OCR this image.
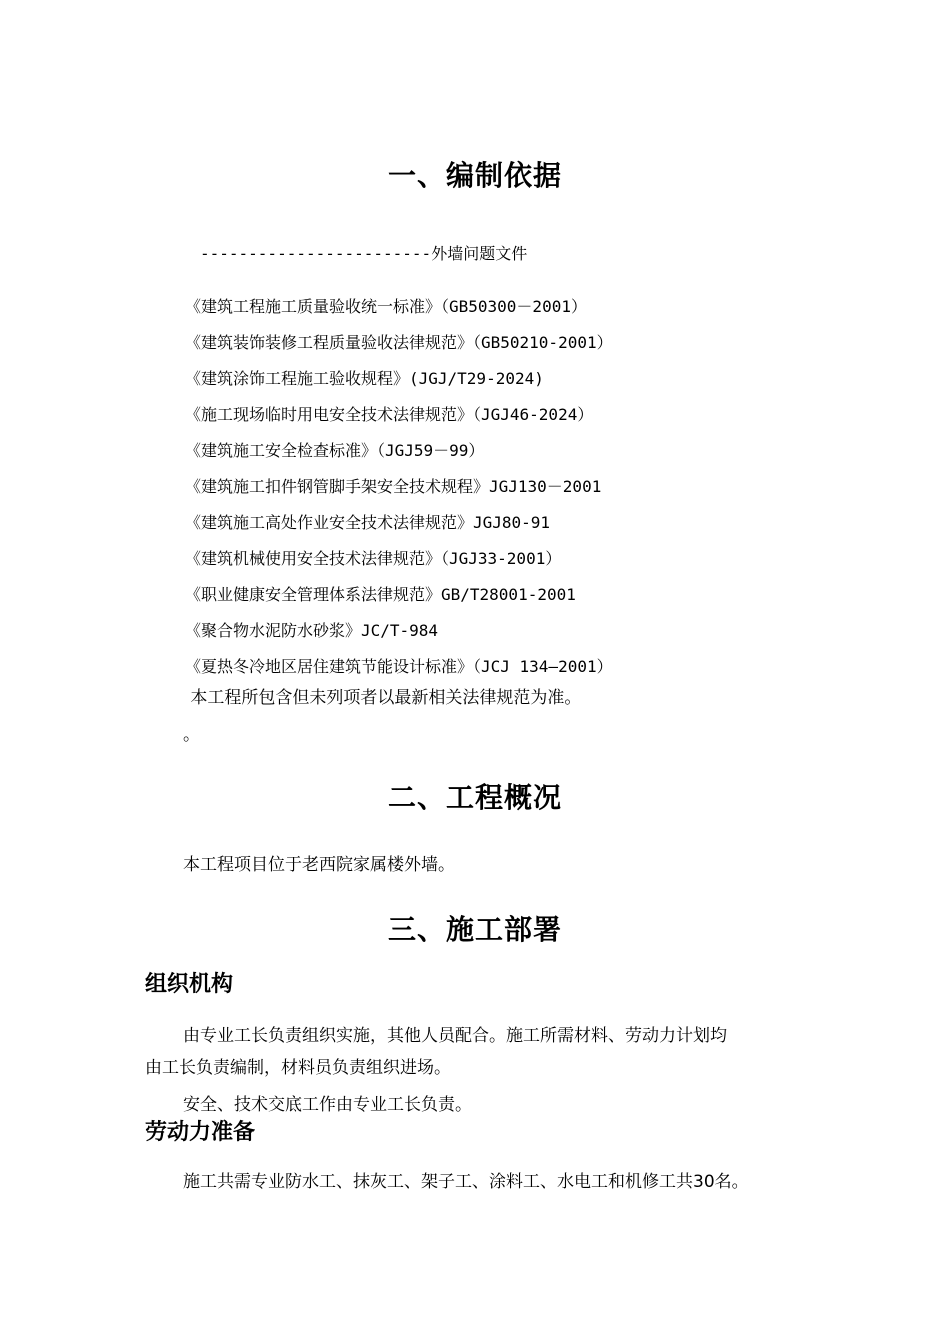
一、编制依据
------------------------外墙问题文件
《建筑工程施工质量验收统一标准》（GB50300－2001）
《建筑装饰装修工程质量验收法律规范》（GB50210-2001）
《建筑涂饰工程施工验收规程》(JGJ/T29-2024)
《施工现场临时用电安全技术法律规范》（JGJ46-2024）
《建筑施工安全检查标准》（JGJ59－99）
《建筑施工扣件钢管脚手架安全技术规程》JGJ130－2001
《建筑施工高处作业安全技术法律规范》JGJ80-91
《建筑机械使用安全技术法律规范》（JGJ33-2001）
《职业健康安全管理体系法律规范》GB/T28001-2001
《聚合物水泥防水砂浆》JC/T-984
《夏热冬冷地区居住建筑节能设计标准》（JCJ 134—2001）
本工程所包含但未列项者以最新相关法律规范为准。
。
二、工程概况
本工程项目位于老西院家属楼外墙。
三、施工部署
组织机构
由专业工长负责组织实施，其他人员配合。施工所需材料、劳动力计划均
由工长负责编制，材料员负责组织进场。
安全、技术交底工作由专业工长负责。
劳动力准备
施工共需专业防水工、抹灰工、架子工、涂料工、水电工和机修工共30名。
